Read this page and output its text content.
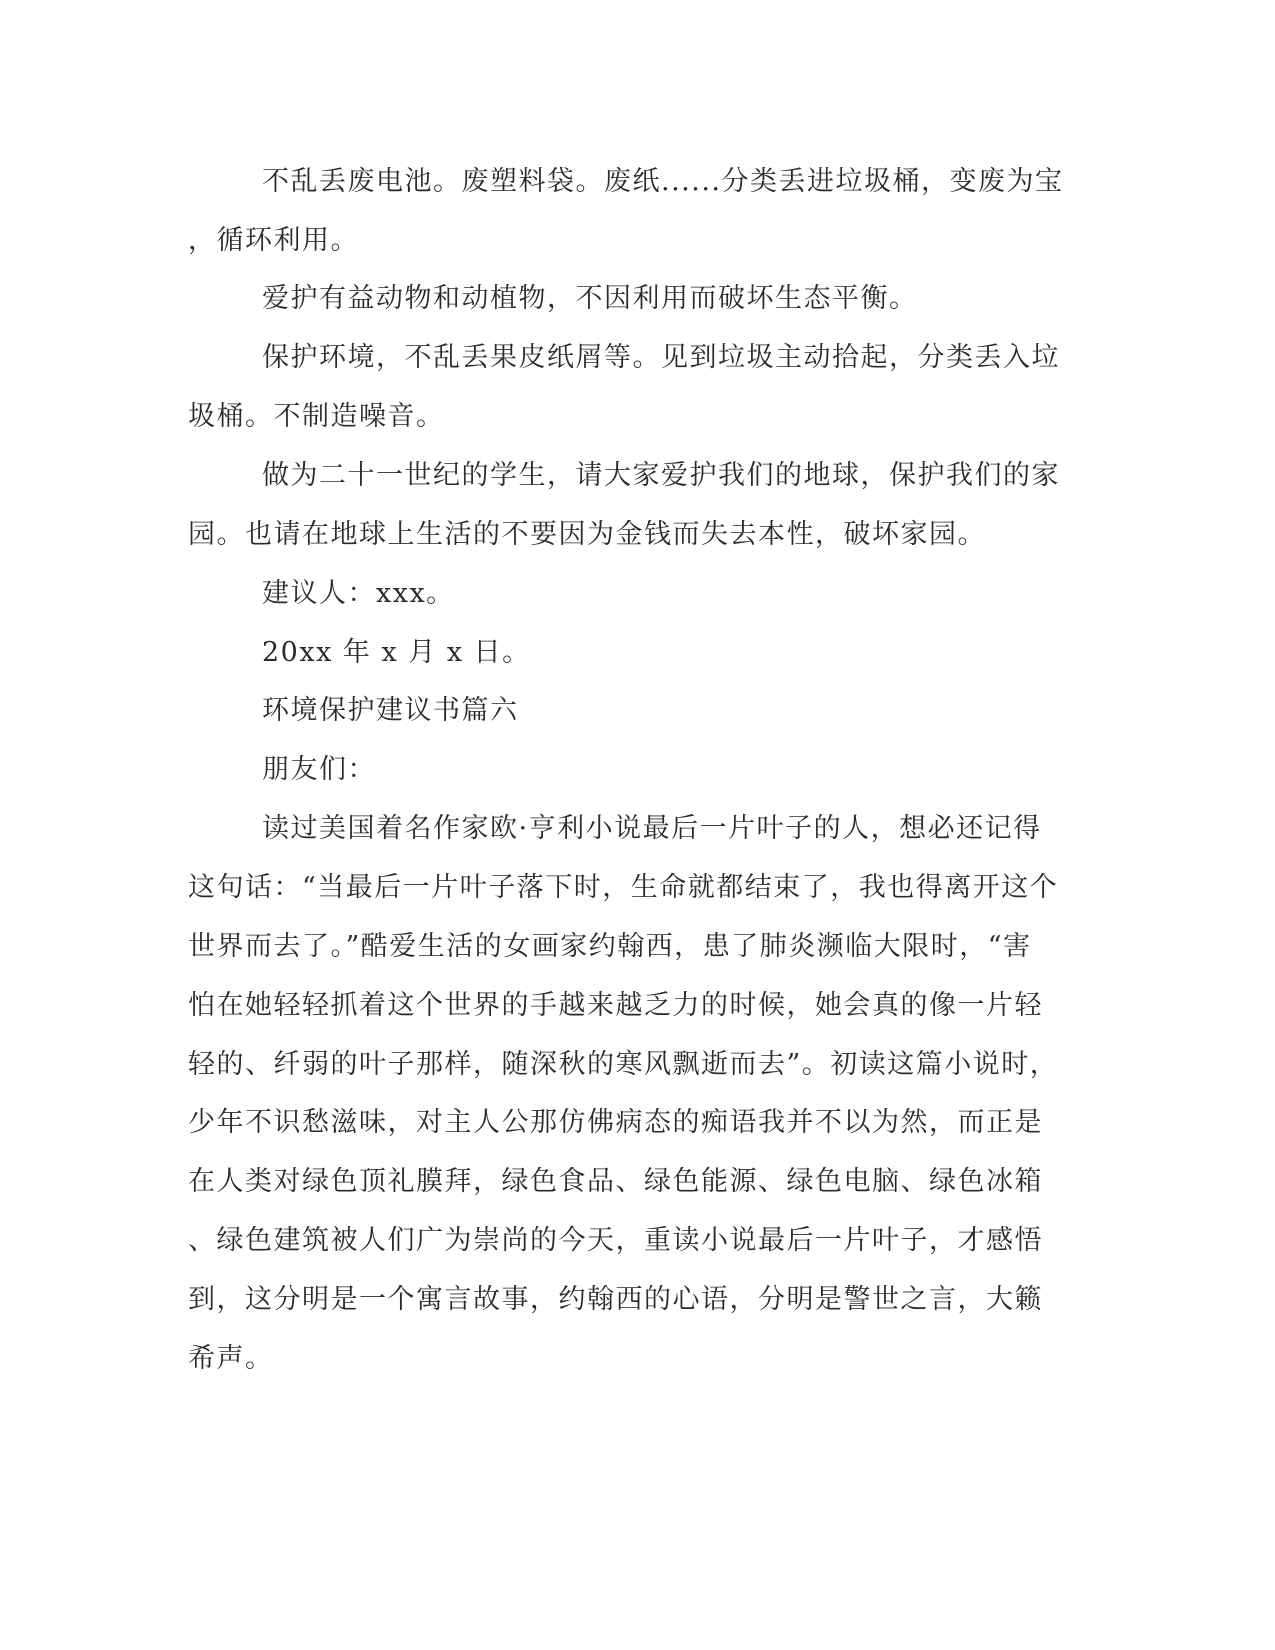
不乱丢废电池。废塑料袋。废纸......分类丢进垃圾桶，变废为宝
，循环利用。
爱护有益动物和动植物，不因利用而破坏生态平衡。
保护环境，不乱丢果皮纸屑等。见到垃圾主动拾起，分类丢入垃
圾桶。不制造噪音。
做为二十一世纪的学生，请大家爱护我们的地球，保护我们的家
园。也请在地球上生活的不要因为金钱而失去本性，破坏家园。
建议人：xxx。
20xx 年 x 月 x 日。
环境保护建议书篇六
朋友们：
读过美国着名作家欧·亨利小说最后一片叶子的人，想必还记得
这句话：“当最后一片叶子落下时，生命就都结束了，我也得离开这个
世界而去了。”酷爱生活的女画家约翰西，患了肺炎濒临大限时，“害
怕在她轻轻抓着这个世界的手越来越乏力的时候，她会真的像一片轻
轻的、纤弱的叶子那样，随深秋的寒风飘逝而去”。初读这篇小说时，
少年不识愁滋味，对主人公那仿佛病态的痴语我并不以为然，而正是
在人类对绿色顶礼膜拜，绿色食品、绿色能源、绿色电脑、绿色冰箱
、绿色建筑被人们广为崇尚的今天，重读小说最后一片叶子，才感悟
到，这分明是一个寓言故事，约翰西的心语，分明是警世之言，大籁
希声。
